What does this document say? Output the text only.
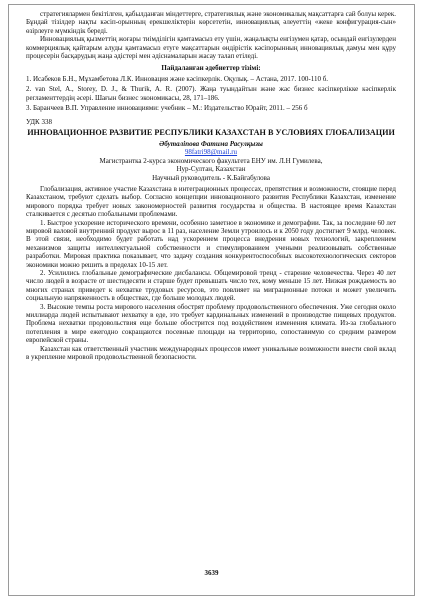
стратегиялармен бекітілген, қабылданған міндеттерге, стратегиялық және экономикалық мақсаттарға сай болуы керек. Бұндай тізілдер нақты кәсіп-орынның ерекшеліктерін көрсететін, инновациялық әлеуеттің «жеке конфигурация-сын» өзірлеуге мүмкіндік береді.

Инновациялық қызметтің жоғары тиімділігін қамтамасыз ету үшін, жаңалықты енгізумен қатар, осындай енгізулерден коммерциялық қайтарым алуды қамтамасыз етуге мақсаттарын өндірістік кәсіпорынның инновациялық дамуы мен құру процесерін басқарудың жаңа әдістері мен әдіснамаларын жасау талап етіледі.

Пайдаланған әдебиеттер тізімі:

1. Исабеков Б.Н., Мұхамбетова Л.К. Инновация және кәсіпкерлік. Оқулық. – Астана, 2017. 100-110 б.

2. van Stel, A., Storey, D. J., & Thurik, A. R. (2007). Жаңа туындайтын және жас бизнес кәсіпкерлікке кәсіпкерлік регламенттердің әсері. Шағын бизнес экономикасы, 28, 171–186.

3. Баранчеев В.П. Управление инновациями: учебник – М.: Издательство Юрайт, 2011. – 256 б

УДК 338

ИННОВАЦИОННОЕ РАЗВИТИЕ РЕСПУБЛИКИ КАЗАХСТАН В УСЛОВИЯХ ГЛОБАЛИЗАЦИИ

Әбуталіпова Фатима Расулқызы

98fatri98@mail.ru

Магистрантка 2-курса экономического факультета ЕНУ им. Л.Н Гумилева,

Нур-Султан, Казахстан

Научный руководитель - К.Байгабулова

Глобализация, активное участие Казахстана в интеграционных процессах, препятствия и возможности, стоящие перед Казахстаном, требуют сделать выбор. Согласно концепции инновационного развития Республики Казахстан, изменение мирового порядка требует новых закономерностей развития государства и общества. В настоящее время Казахстан сталкивается с десятью глобальными проблемами.

1. Быстрое ускорение исторического времени, особенно заметное в экономике и демографии. Так, за последние 60 лет мировой валовой внутренний продукт вырос в 11 раз, население Земли утроилось и к 2050 году достигнет 9 млрд. человек. В этой связи, необходимо будет работать над ускорением процесса внедрения новых технологий, закреплением механизмов защиты интеллектуальной собственности и стимулированием учеными реализовывать собственные разработки. Мировая практика показывает, что задачу создания конкурентоспособных высокотехнологических секторов экономики можно решить в пределах 10-15 лет.

2. Усилились глобальные демографические дисбалансы. Общемировой тренд - старение человечества. Через 40 лет число людей в возрасте от шестидесяти и старше будет превышать число тех, кому меньше 15 лет. Низкая рождаемость во многих странах приведет к нехватке трудовых ресурсов, это повлияет на миграционные потоки и может увеличить социальную напряженность в обществах, где больше молодых людей.

3. Высокие темпы роста мирового населения обострят проблему продовольственного обеспечения. Уже сегодня около миллиарда людей испытывают нехватку в еде, это требует кардинальных изменений в производстве пищевых продуктов. Проблема нехватки продовольствия еще больше обострится под воздействием изменения климата. Из-за глобального потепления в мире ежегодно сокращаются посевные площади на территорию, сопоставимую со средним размером европейской страны.

Казахстан как ответственный участник международных процессов имеет уникальные возможности внести свой вклад в укрепление мировой продовольственной безопасности.

3639
